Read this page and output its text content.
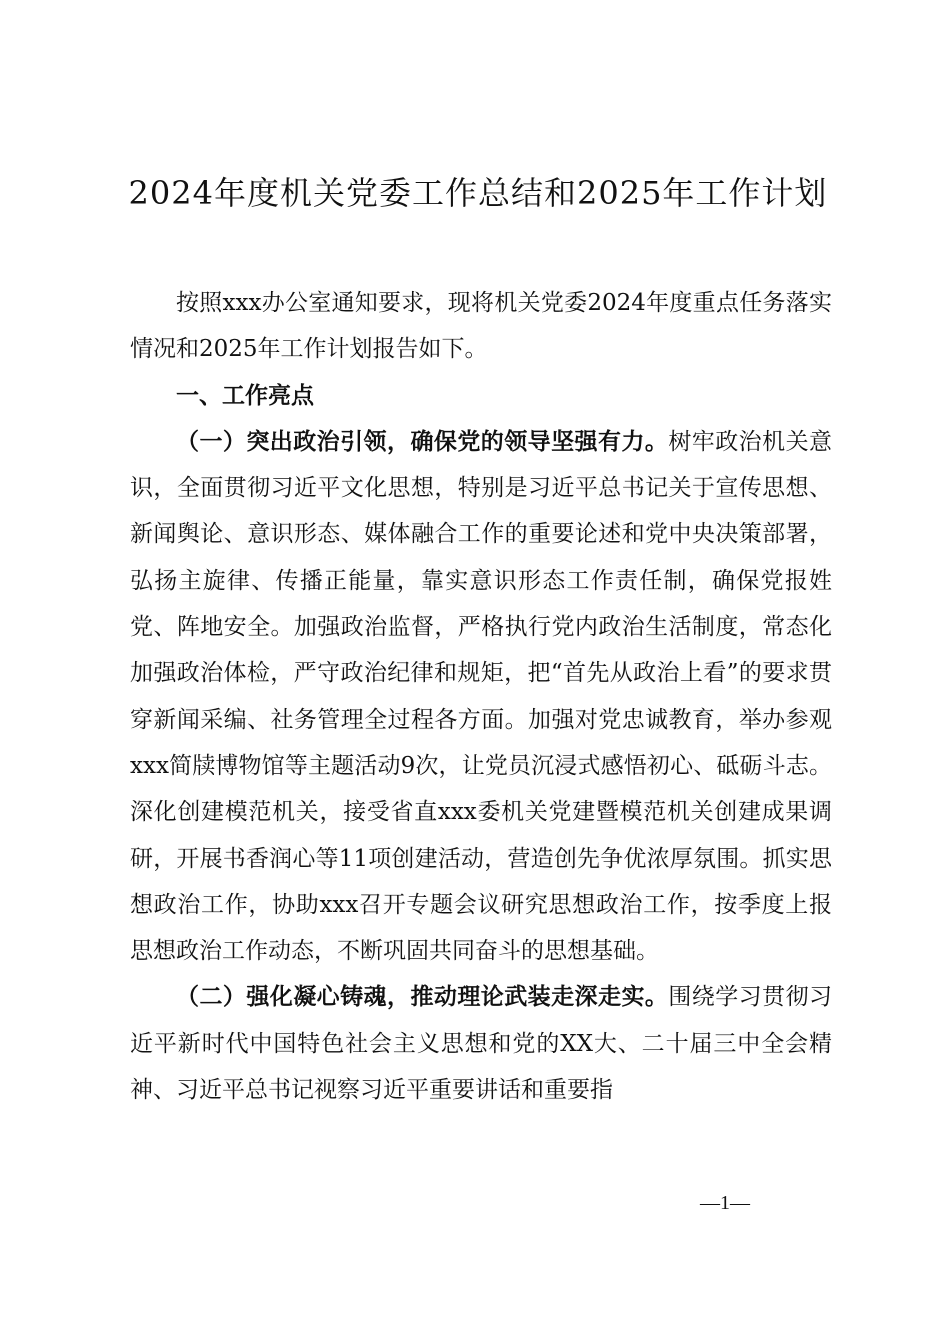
2024年度机关党委工作总结和2025年工作计划

按照xxx办公室通知要求，现将机关党委2024年度重点任务落实情况和2025年工作计划报告如下。

一、工作亮点

（一）突出政治引领，确保党的领导坚强有力。树牢政治机关意识，全面贯彻习近平文化思想，特别是习近平总书记关于宣传思想、新闻舆论、意识形态、媒体融合工作的重要论述和党中央决策部署，弘扬主旋律、传播正能量，靠实意识形态工作责任制，确保党报姓党、阵地安全。加强政治监督，严格执行党内政治生活制度，常态化加强政治体检，严守政治纪律和规矩，把“首先从政治上看”的要求贯穿新闻采编、社务管理全过程各方面。加强对党忠诚教育，举办参观xxx简牍博物馆等主题活动9次，让党员沉浸式感悟初心、砥砺斗志。深化创建模范机关，接受省直xxx委机关党建暨模范机关创建成果调研，开展书香润心等11项创建活动，营造创先争优浓厚氛围。抓实思想政治工作，协助xxx召开专题会议研究思想政治工作，按季度上报思想政治工作动态，不断巩固共同奋斗的思想基础。

（二）强化凝心铸魂，推动理论武装走深走实。围绕学习贯彻习近平新时代中国特色社会主义思想和党的XX大、二十届三中全会精神、习近平总书记视察习近平重要讲话和重要指

—1—
